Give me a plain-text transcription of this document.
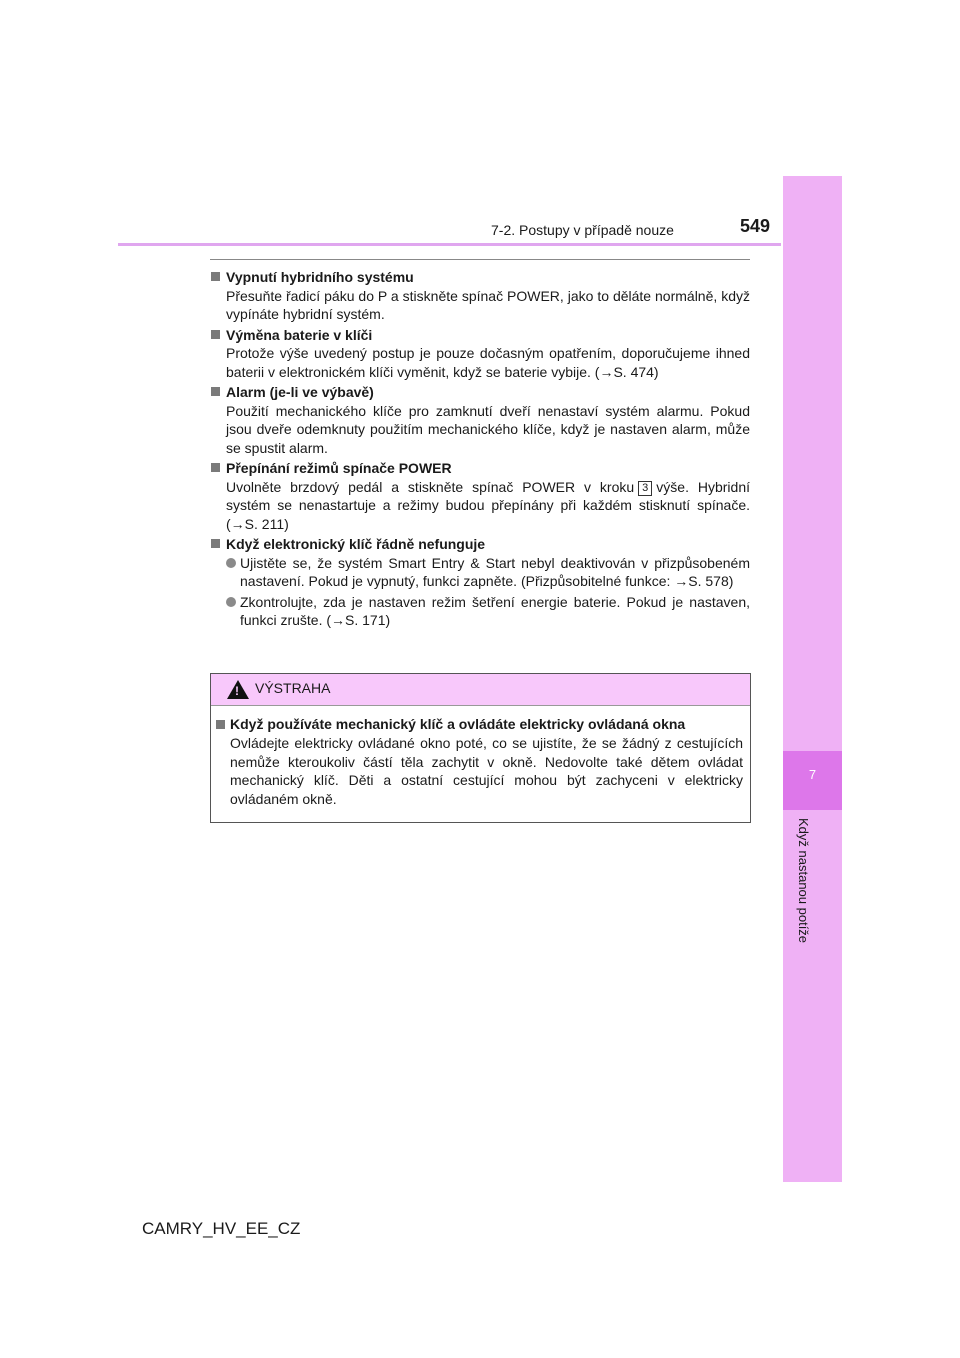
7
Když nastanou potíže
7-2. Postupy v případě nouze	549
Vypnutí hybridního systému
Přesuňte řadicí páku do P a stiskněte spínač POWER, jako to děláte normálně, když vypínáte hybridní systém.
Výměna baterie v klíči
Protože výše uvedený postup je pouze dočasným opatřením, doporučujeme ihned baterii v elektronickém klíči vyměnit, když se baterie vybije. (→S. 474)
Alarm (je-li ve výbavě)
Použití mechanického klíče pro zamknutí dveří nenastaví systém alarmu. Pokud jsou dveře odemknuty použitím mechanického klíče, když je nastaven alarm, může se spustit alarm.
Přepínání režimů spínače POWER
Uvolněte brzdový pedál a stiskněte spínač POWER v kroku 3 výše. Hybridní systém se nenastartuje a režimy budou přepínány při každém stisknutí spínače. (→S. 211)
Když elektronický klíč řádně nefunguje
Ujistěte se, že systém Smart Entry & Start nebyl deaktivován v přizpůsobeném nastavení. Pokud je vypnutý, funkci zapněte. (Přizpůsobitelné funkce: →S. 578)
Zkontrolujte, zda je nastaven režim šetření energie baterie. Pokud je nastaven, funkci zrušte. (→S. 171)
!
VÝSTRAHA
Když používáte mechanický klíč a ovládáte elektricky ovládaná okna
Ovládejte elektricky ovládané okno poté, co se ujistíte, že se žádný z cestujících nemůže kteroukoliv částí těla zachytit v okně. Nedovolte také dětem ovládat mechanický klíč. Děti a ostatní cestující mohou být zachyceni v elektricky ovládaném okně.
CAMRY_HV_EE_CZ
